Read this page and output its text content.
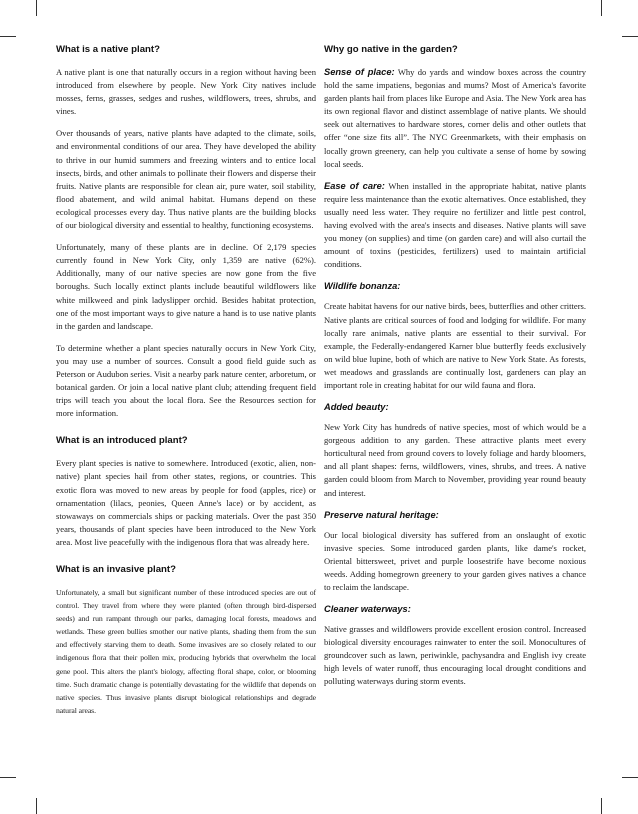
What is a native plant?

A native plant is one that naturally occurs in a region without having been introduced from elsewhere by people. New York City natives include mosses, ferns, grasses, sedges and rushes, wildflowers, trees, shrubs, and vines.

Over thousands of years, native plants have adapted to the climate, soils, and environmental conditions of our area. They have developed the ability to thrive in our humid summers and freezing winters and to entice local insects, birds, and other animals to pollinate their flowers and disperse their fruits. Native plants are responsible for clean air, pure water, soil stability, flood abatement, and wild animal habitat. Humans depend on these ecological processes every day. Thus native plants are the building blocks of our biological diversity and essential to healthy, functioning ecosystems.

Unfortunately, many of these plants are in decline. Of 2,179 species currently found in New York City, only 1,359 are native (62%). Additionally, many of our native species are now gone from the five boroughs. Such locally extinct plants include beautiful wildflowers like white milkweed and pink ladyslipper orchid. Besides habitat protection, one of the most important ways to give nature a hand is to use native plants in the garden and landscape.

To determine whether a plant species naturally occurs in New York City, you may use a number of sources. Consult a good field guide such as Peterson or Audubon series. Visit a nearby park nature center, arboretum, or botanical garden. Or join a local native plant club; attending frequent field trips will teach you about the local flora. See the Resources section for more information.

What is an introduced plant?

Every plant species is native to somewhere. Introduced (exotic, alien, non-native) plant species hail from other states, regions, or countries. This exotic flora was moved to new areas by people for food (apples, rice) or ornamentation (lilacs, peonies, Queen Anne's lace) or by accident, as stowaways on commercials ships or packing materials. Over the past 350 years, thousands of plant species have been introduced to the New York area. Most live peacefully with the indigenous flora that was already here.

What is an invasive plant?

Unfortunately, a small but significant number of these introduced species are out of control. They travel from where they were planted (often through bird-dispersed seeds) and run rampant through our parks, damaging local forests, meadows and wetlands. These green bullies smother our native plants, shading them from the sun and effectively starving them to death. Some invasives are so closely related to our indigenous flora that their pollen mix, producing hybrids that overwhelm the local gene pool. This alters the plant's biology, affecting floral shape, color, or blooming time. Such dramatic change is potentially devastating for the wildlife that depends on native species. Thus invasive plants disrupt biological relationships and degrade natural areas.

Why go native in the garden?

Sense of place: Why do yards and window boxes across the country hold the same impatiens, begonias and mums? Most of America's favorite garden plants hail from places like Europe and Asia. The New York area has its own regional flavor and distinct assemblage of native plants. We should seek out alternatives to hardware stores, corner delis and other outlets that offer “one size fits all”. The NYC Greenmarkets, with their emphasis on locally grown greenery, can help you cultivate a sense of home by sowing local seeds.

Ease of care: When installed in the appropriate habitat, native plants require less maintenance than the exotic alternatives. Once established, they usually need less water. They require no fertilizer and little pest control, having evolved with the area's insects and diseases. Native plants will save you money (on supplies) and time (on garden care) and will also curtail the amount of toxins (pesticides, fertilizers) used to maintain artificial conditions.

Wildlife bonanza:

Create habitat havens for our native birds, bees, butterflies and other critters. Native plants are critical sources of food and lodging for wildlife. For many locally rare animals, native plants are essential to their survival. For example, the Federally-endangered Karner blue butterfly feeds exclusively on wild blue lupine, both of which are native to New York State. As forests, wet meadows and grasslands are continually lost, gardeners can play an important role in creating habitat for our wild fauna and flora.

Added beauty:

New York City has hundreds of native species, most of which would be a gorgeous addition to any garden. These attractive plants meet every horticultural need from ground covers to lovely foliage and hardy bloomers, and all plant shapes: ferns, wildflowers, vines, shrubs, and trees. A native garden could bloom from March to November, providing year round beauty and interest.

Preserve natural heritage:

Our local biological diversity has suffered from an onslaught of exotic invasive species. Some introduced garden plants, like dame's rocket, Oriental bittersweet, privet and purple loosestrife have become noxious weeds. Adding homegrown greenery to your garden gives natives a chance to reclaim the landscape.

Cleaner waterways:

Native grasses and wildflowers provide excellent erosion control. Increased biological diversity encourages rainwater to enter the soil. Monocultures of groundcover such as lawn, periwinkle, pachysandra and English ivy create high levels of water runoff, thus encouraging local drought conditions and polluting waterways during storm events.
